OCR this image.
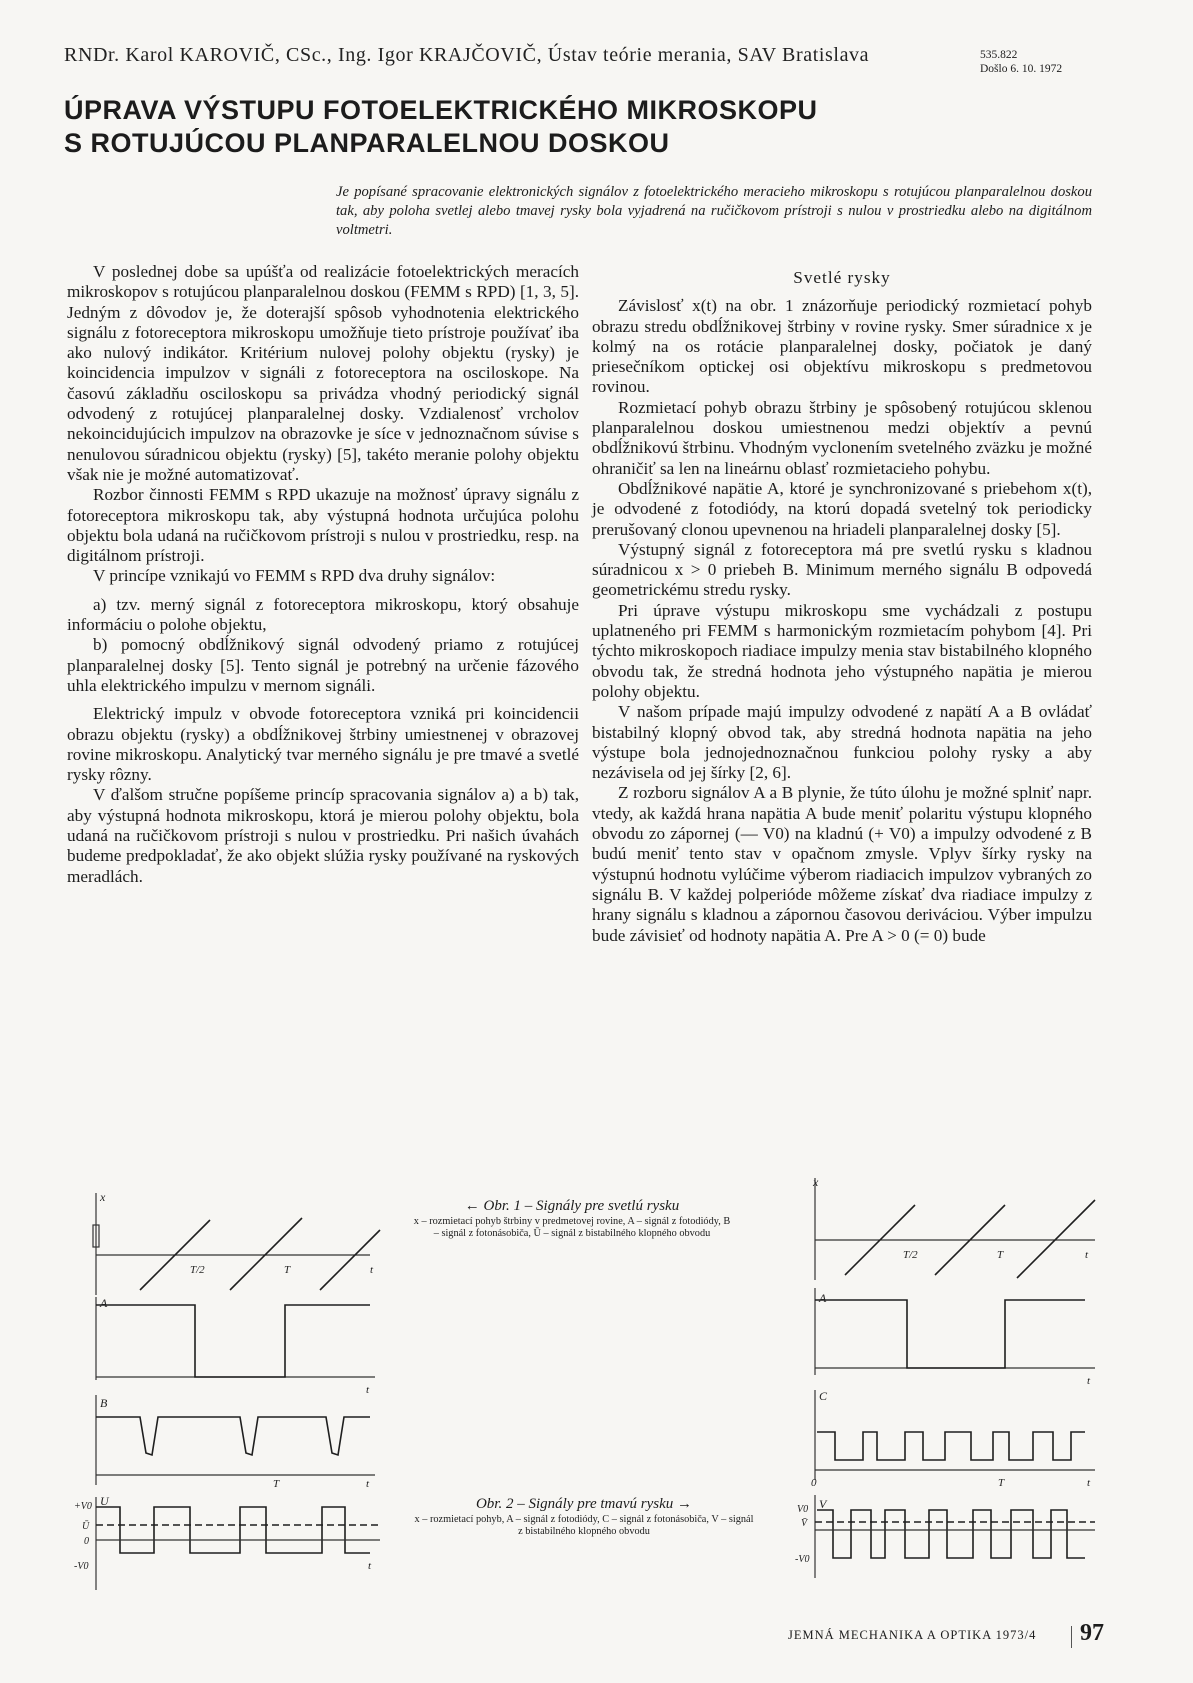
RNDr. Karol KAROVIČ, CSc., Ing. Igor KRAJČOVIČ, Ústav teórie merania, SAV Bratislava	535.822
Došlo 6. 10. 1972
ÚPRAVA VÝSTUPU FOTOELEKTRICKÉHO MIKROSKOPU
S ROTUJÚCOU PLANPARALELNOU DOSKOU
Je popísané spracovanie elektronických signálov z fotoelektrického meracieho mikroskopu s rotujúcou planparalelnou doskou tak, aby poloha svetlej alebo tmavej rysky bola vyjadrená na ručičkovom prístroji s nulou v prostriedku alebo na digitálnom voltmetri.

V poslednej dobe sa upúšťa od realizácie fotoelektrických meracích mikroskopov s rotujúcou planparalelnou doskou (FEMM s RPD) [1, 3, 5]. Jedným z dôvodov je, že doterajší spôsob vyhodnotenia elektrického signálu z fotoreceptora mikroskopu umožňuje tieto prístroje používať iba ako nulový indikátor. Kritérium nulovej polohy objektu (rysky) je koincidencia impulzov v signáli z fotoreceptora na osciloskope. Na časovú základňu osciloskopu sa privádza vhodný periodický signál odvodený z rotujúcej planparalelnej dosky. Vzdialenosť vrcholov nekoincidujúcich impulzov na obrazovke je síce v jednoznačnom súvise s nenulovou súradnicou objektu (rysky) [5], takéto meranie polohy objektu však nie je možné automatizovať.

Rozbor činnosti FEMM s RPD ukazuje na možnosť úpravy signálu z fotoreceptora mikroskopu tak, aby výstupná hodnota určujúca polohu objektu bola udaná na ručičkovom prístroji s nulou v prostriedku, resp. na digitálnom prístroji.

V princípe vznikajú vo FEMM s RPD dva druhy signálov:

a) tzv. merný signál z fotoreceptora mikroskopu, ktorý obsahuje informáciu o polohe objektu,

b) pomocný obdĺžnikový signál odvodený priamo z rotujúcej planparalelnej dosky [5]. Tento signál je potrebný na určenie fázového uhla elektrického impulzu v mernom signáli.

Elektrický impulz v obvode fotoreceptora vzniká pri koincidencii obrazu objektu (rysky) a obdĺžnikovej štrbiny umiestnenej v obrazovej rovine mikroskopu. Analytický tvar merného signálu je pre tmavé a svetlé rysky rôzny.

V ďalšom stručne popíšeme princíp spracovania signálov a) a b) tak, aby výstupná hodnota mikroskopu, ktorá je mierou polohy objektu, bola udaná na ručičkovom prístroji s nulou v prostriedku. Pri našich úvahách budeme predpokladať, že ako objekt slúžia rysky používané na ryskových meradlách.

Svetlé rysky

Závislosť x(t) na obr. 1 znázorňuje periodický rozmietací pohyb obrazu stredu obdĺžnikovej štrbiny v rovine rysky. Smer súradnice x je kolmý na os rotácie planparalelnej dosky, počiatok je daný priesečníkom optickej osi objektívu mikroskopu s predmetovou rovinou.

Rozmietací pohyb obrazu štrbiny je spôsobený rotujúcou sklenou planparalelnou doskou umiestnenou medzi objektív a pevnú obdĺžnikovú štrbinu. Vhodným vyclonením svetelného zväzku je možné ohraničiť sa len na lineárnu oblasť rozmietacieho pohybu.

Obdĺžnikové napätie A, ktoré je synchronizované s priebehom x(t), je odvodené z fotodiódy, na ktorú dopadá svetelný tok periodicky prerušovaný clonou upevnenou na hriadeli planparalelnej dosky [5].

Výstupný signál z fotoreceptora má pre svetlú rysku s kladnou súradnicou x > 0 priebeh B. Minimum merného signálu B odpovedá geometrickému stredu rysky.

Pri úprave výstupu mikroskopu sme vychádzali z postupu uplatneného pri FEMM s harmonickým rozmietacím pohybom [4]. Pri týchto mikroskopoch riadiace impulzy menia stav bistabilného klopného obvodu tak, že stredná hodnota jeho výstupného napätia je mierou polohy objektu.

V našom prípade majú impulzy odvodené z napätí A a B ovládať bistabilný klopný obvod tak, aby stredná hodnota napätia na jeho výstupe bola jednojednoznačnou funkciou polohy rysky a aby nezávisela od jej šírky [2, 6].

Z rozboru signálov A a B plynie, že túto úlohu je možné splniť napr. vtedy, ak každá hrana napätia A bude meniť polaritu výstupu klopného obvodu zo zápornej (— V0) na kladnú (+ V0) a impulzy odvodené z B budú meniť tento stav v opačnom zmysle. Vplyv šírky rysky na výstupnú hodnotu vylúčime výberom riadiacich impulzov vybraných zo signálu B. V každej polperióde môžeme získať dva riadiace impulzy z hrany signálu s kladnou a zápornou časovou deriváciou. Výber impulzu bude závisieť od hodnoty napätia A. Pre A > 0 (= 0) bude

x
T/2	T	t
A
t
B
T	t
U
+V0
Ū
0
-V0	t
← Obr. 1 – Signály pre svetlú rysku
x – rozmietací pohyb štrbiny v predmetovej rovine, A – signál z fotodiódy, B – signál z fotonásobiča, Ū – signál z bistabilného klopného obvodu
x
T/2	T	t
A
t
C
0	T	t
V
V0
V̄
-V0
Obr. 2 – Signály pre tmavú rysku →
x – rozmietací pohyb, A – signál z fotodiódy, C – signál z fotonásobiča, V – signál z bistabilného klopného obvodu
JEMNÁ MECHANIKA A OPTIKA 1973/4	97
